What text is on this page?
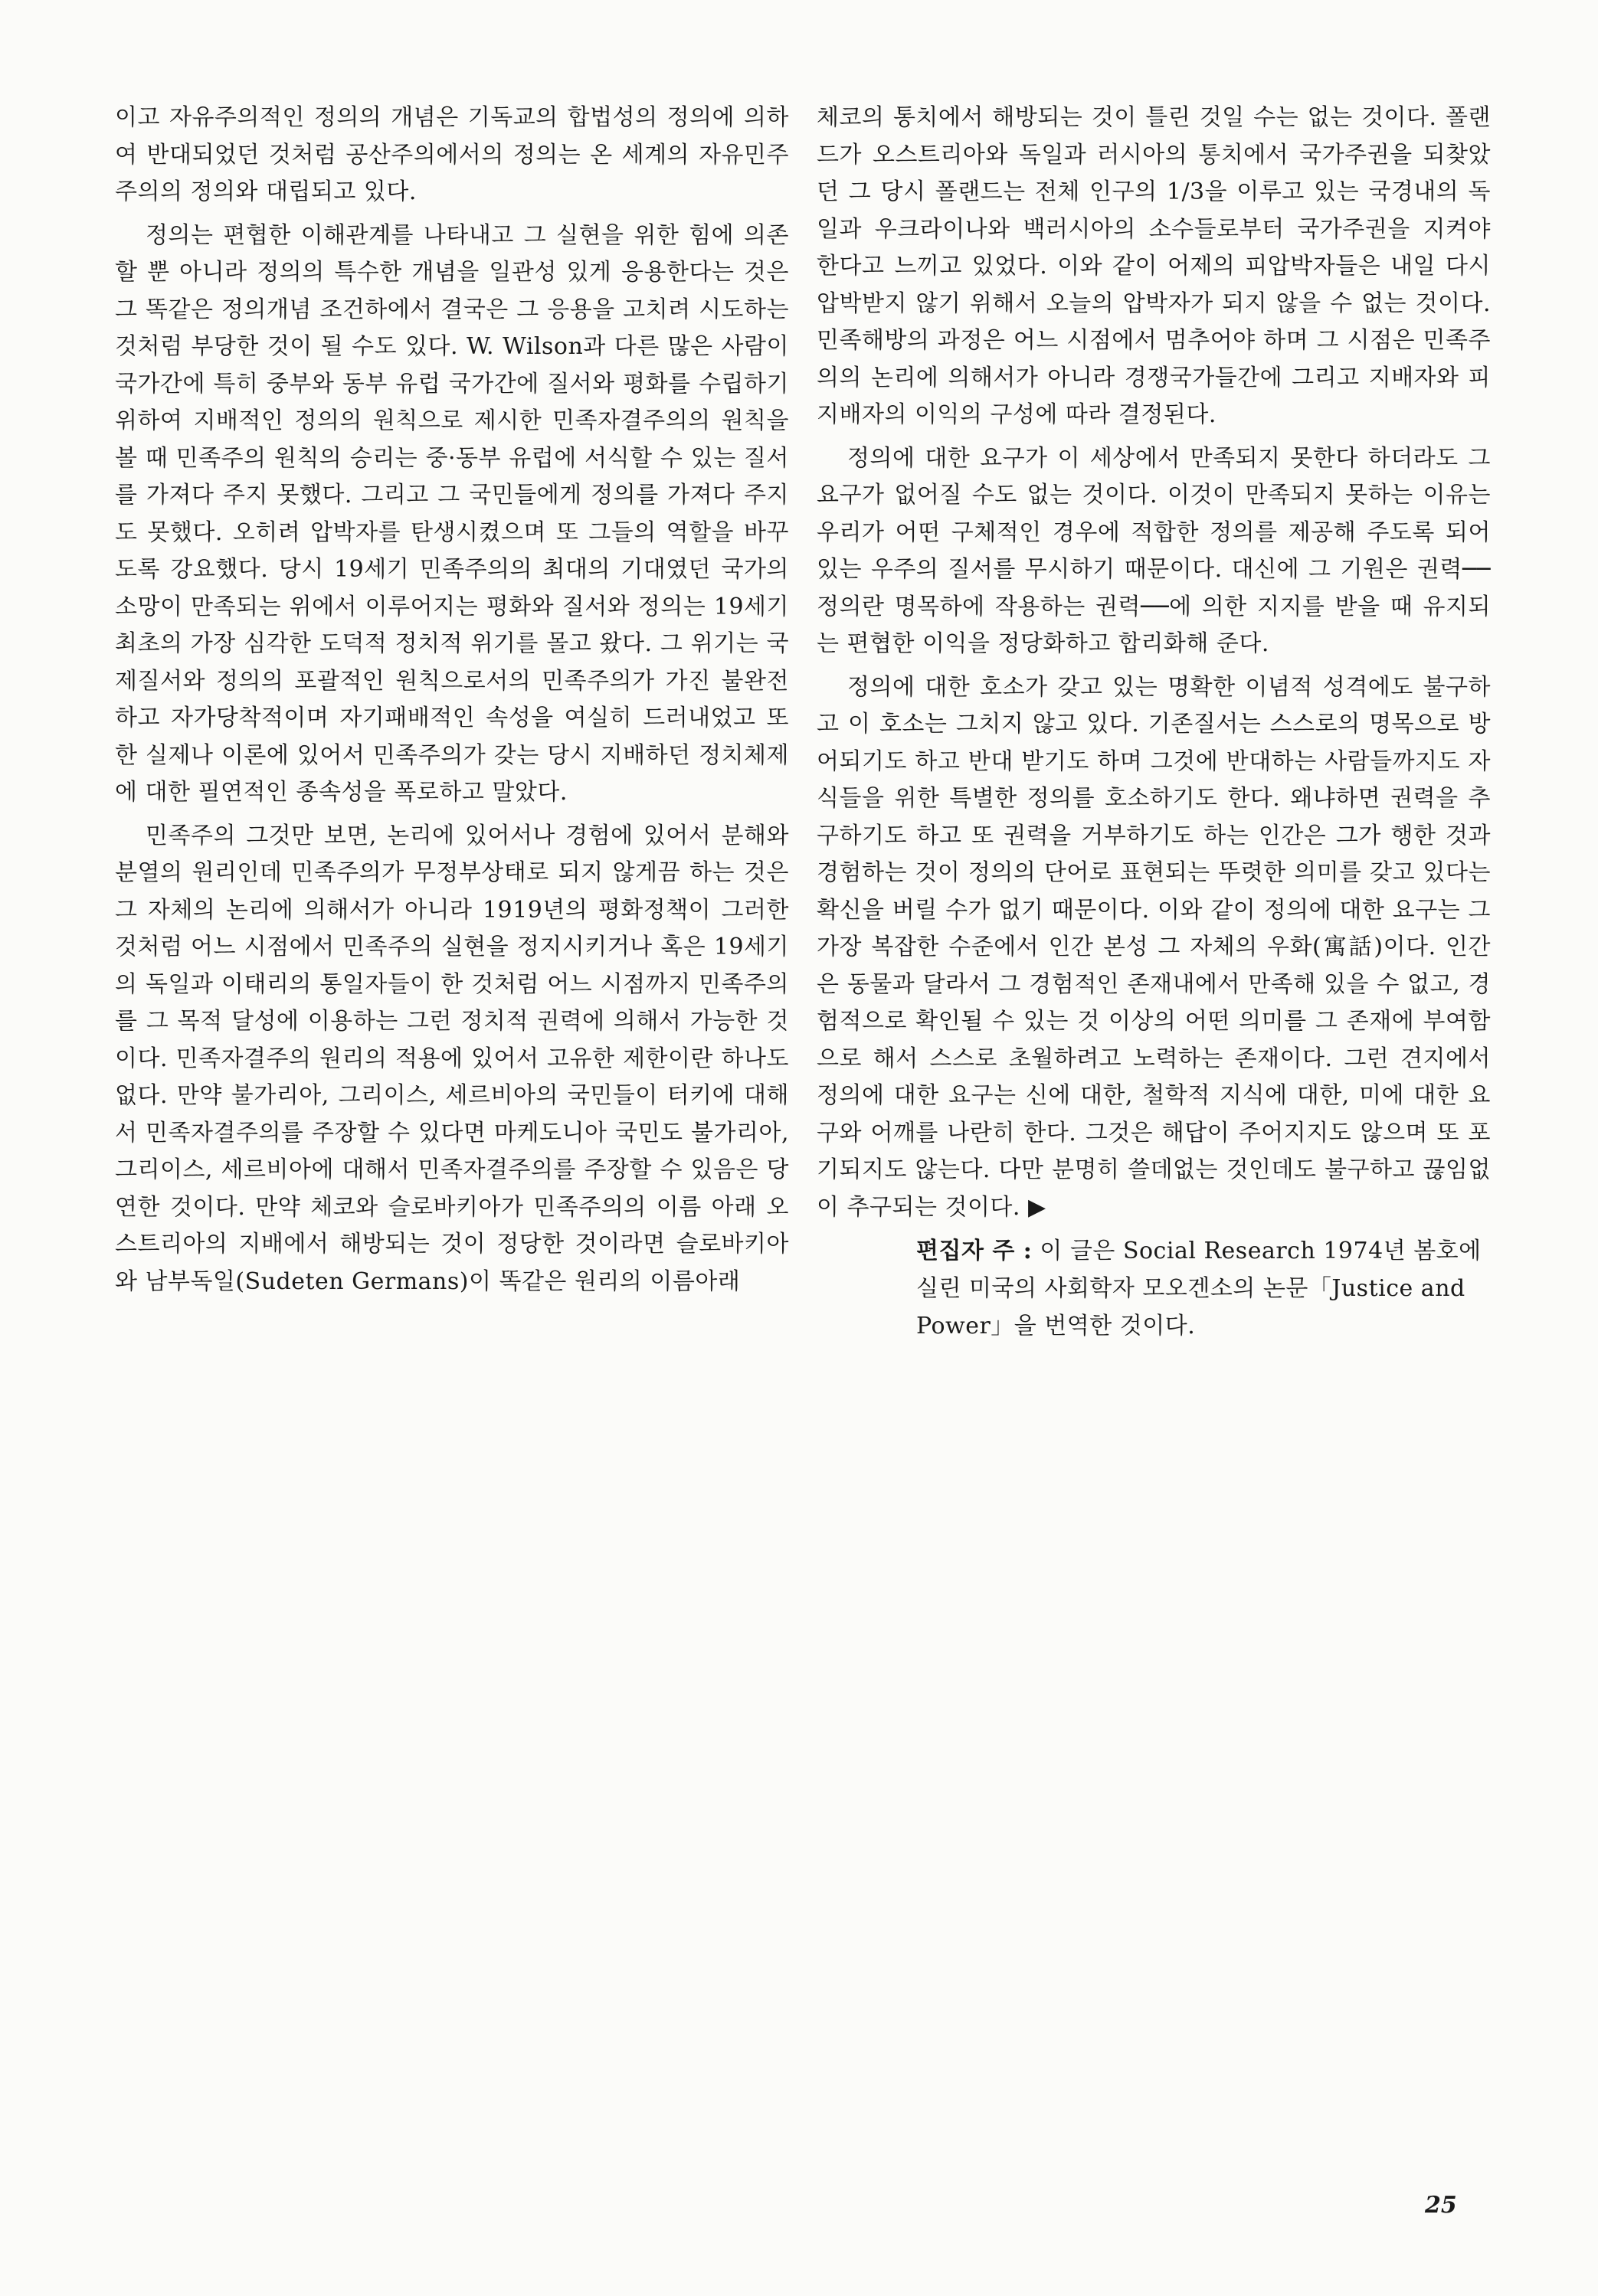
이고 자유주의적인 정의의 개념은 기독교의 합법성의 정의에 의하여 반대되었던 것처럼 공산주의에서의 정의는 온 세계의 자유민주주의의 정의와 대립되고 있다.

정의는 편협한 이해관계를 나타내고 그 실현을 위한 힘에 의존할 뿐 아니라 정의의 특수한 개념을 일관성 있게 응용한다는 것은 그 똑같은 정의개념 조건하에서 결국은 그 응용을 고치려 시도하는 것처럼 부당한 것이 될 수도 있다. W. Wilson과 다른 많은 사람이 국가간에 특히 중부와 동부 유럽 국가간에 질서와 평화를 수립하기 위하여 지배적인 정의의 원칙으로 제시한 민족자결주의의 원칙을 볼 때 민족주의 원칙의 승리는 중·동부 유럽에 서식할 수 있는 질서를 가져다 주지 못했다. 그리고 그 국민들에게 정의를 가져다 주지도 못했다. 오히려 압박자를 탄생시켰으며 또 그들의 역할을 바꾸도록 강요했다. 당시 19세기 민족주의의 최대의 기대였던 국가의 소망이 만족되는 위에서 이루어지는 평화와 질서와 정의는 19세기 최초의 가장 심각한 도덕적 정치적 위기를 몰고 왔다. 그 위기는 국제질서와 정의의 포괄적인 원칙으로서의 민족주의가 가진 불완전하고 자가당착적이며 자기패배적인 속성을 여실히 드러내었고 또한 실제나 이론에 있어서 민족주의가 갖는 당시 지배하던 정치체제에 대한 필연적인 종속성을 폭로하고 말았다.

민족주의 그것만 보면, 논리에 있어서나 경험에 있어서 분해와 분열의 원리인데 민족주의가 무정부상태로 되지 않게끔 하는 것은 그 자체의 논리에 의해서가 아니라 1919년의 평화정책이 그러한 것처럼 어느 시점에서 민족주의 실현을 정지시키거나 혹은 19세기의 독일과 이태리의 통일자들이 한 것처럼 어느 시점까지 민족주의를 그 목적 달성에 이용하는 그런 정치적 권력에 의해서 가능한 것이다. 민족자결주의 원리의 적용에 있어서 고유한 제한이란 하나도 없다. 만약 불가리아, 그리이스, 세르비아의 국민들이 터키에 대해서 민족자결주의를 주장할 수 있다면 마케도니아 국민도 불가리아, 그리이스, 세르비아에 대해서 민족자결주의를 주장할 수 있음은 당연한 것이다. 만약 체코와 슬로바키아가 민족주의의 이름 아래 오스트리아의 지배에서 해방되는 것이 정당한 것이라면 슬로바키아와 남부독일(Sudeten Germans)이 똑같은 원리의 이름아래

체코의 통치에서 해방되는 것이 틀린 것일 수는 없는 것이다. 폴랜드가 오스트리아와 독일과 러시아의 통치에서 국가주권을 되찾았던 그 당시 폴랜드는 전체 인구의 1/3을 이루고 있는 국경내의 독일과 우크라이나와 백러시아의 소수들로부터 국가주권을 지켜야 한다고 느끼고 있었다. 이와 같이 어제의 피압박자들은 내일 다시 압박받지 않기 위해서 오늘의 압박자가 되지 않을 수 없는 것이다. 민족해방의 과정은 어느 시점에서 멈추어야 하며 그 시점은 민족주의의 논리에 의해서가 아니라 경쟁국가들간에 그리고 지배자와 피지배자의 이익의 구성에 따라 결정된다.

정의에 대한 요구가 이 세상에서 만족되지 못한다 하더라도 그 요구가 없어질 수도 없는 것이다. 이것이 만족되지 못하는 이유는 우리가 어떤 구체적인 경우에 적합한 정의를 제공해 주도록 되어 있는 우주의 질서를 무시하기 때문이다. 대신에 그 기원은 권력──정의란 명목하에 작용하는 권력──에 의한 지지를 받을 때 유지되는 편협한 이익을 정당화하고 합리화해 준다.

정의에 대한 호소가 갖고 있는 명확한 이념적 성격에도 불구하고 이 호소는 그치지 않고 있다. 기존질서는 스스로의 명목으로 방어되기도 하고 반대 받기도 하며 그것에 반대하는 사람들까지도 자식들을 위한 특별한 정의를 호소하기도 한다. 왜냐하면 권력을 추구하기도 하고 또 권력을 거부하기도 하는 인간은 그가 행한 것과 경험하는 것이 정의의 단어로 표현되는 뚜렷한 의미를 갖고 있다는 확신을 버릴 수가 없기 때문이다. 이와 같이 정의에 대한 요구는 그 가장 복잡한 수준에서 인간 본성 그 자체의 우화(寓話)이다. 인간은 동물과 달라서 그 경험적인 존재내에서 만족해 있을 수 없고, 경험적으로 확인될 수 있는 것 이상의 어떤 의미를 그 존재에 부여함으로 해서 스스로 초월하려고 노력하는 존재이다. 그런 견지에서 정의에 대한 요구는 신에 대한, 철학적 지식에 대한, 미에 대한 요구와 어깨를 나란히 한다. 그것은 해답이 주어지지도 않으며 또 포기되지도 않는다. 다만 분명히 쓸데없는 것인데도 불구하고 끊임없이 추구되는 것이다. ▶

편집자 주 : 이 글은 Social Research 1974년 봄호에 실린 미국의 사회학자 모오겐소의 논문「Justice and Power」을 번역한 것이다.
25
